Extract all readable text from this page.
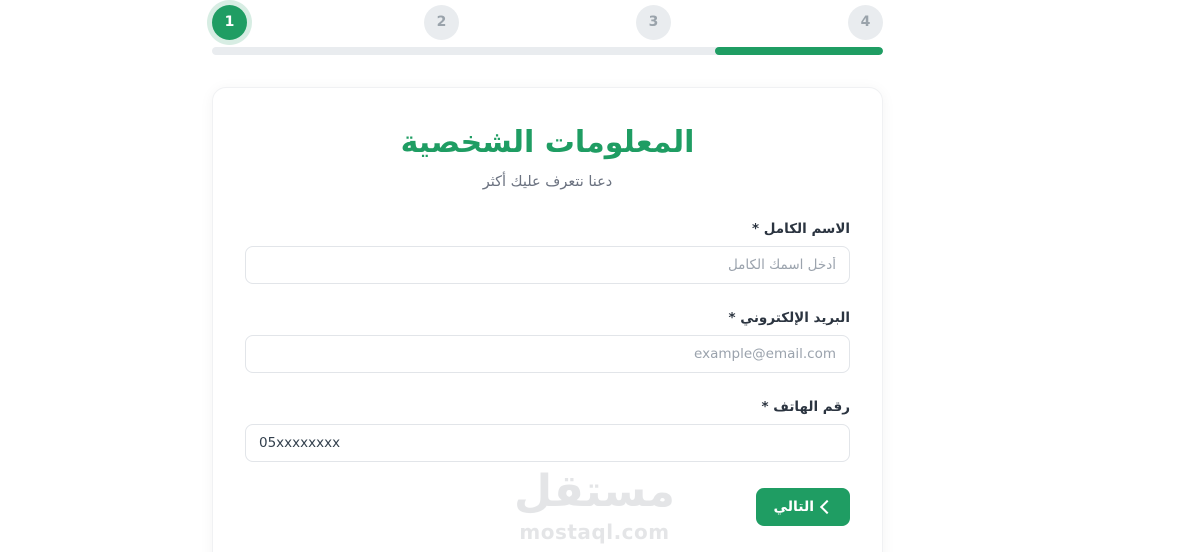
4
3
2
1
المعلومات الشخصية

دعنا نتعرف عليك أكثر

الاسم الكامل *
أدخل اسمك الكامل
البريد الإلكتروني *
example@email.com
رقم الهاتف *
05xxxxxxxx
التالي
